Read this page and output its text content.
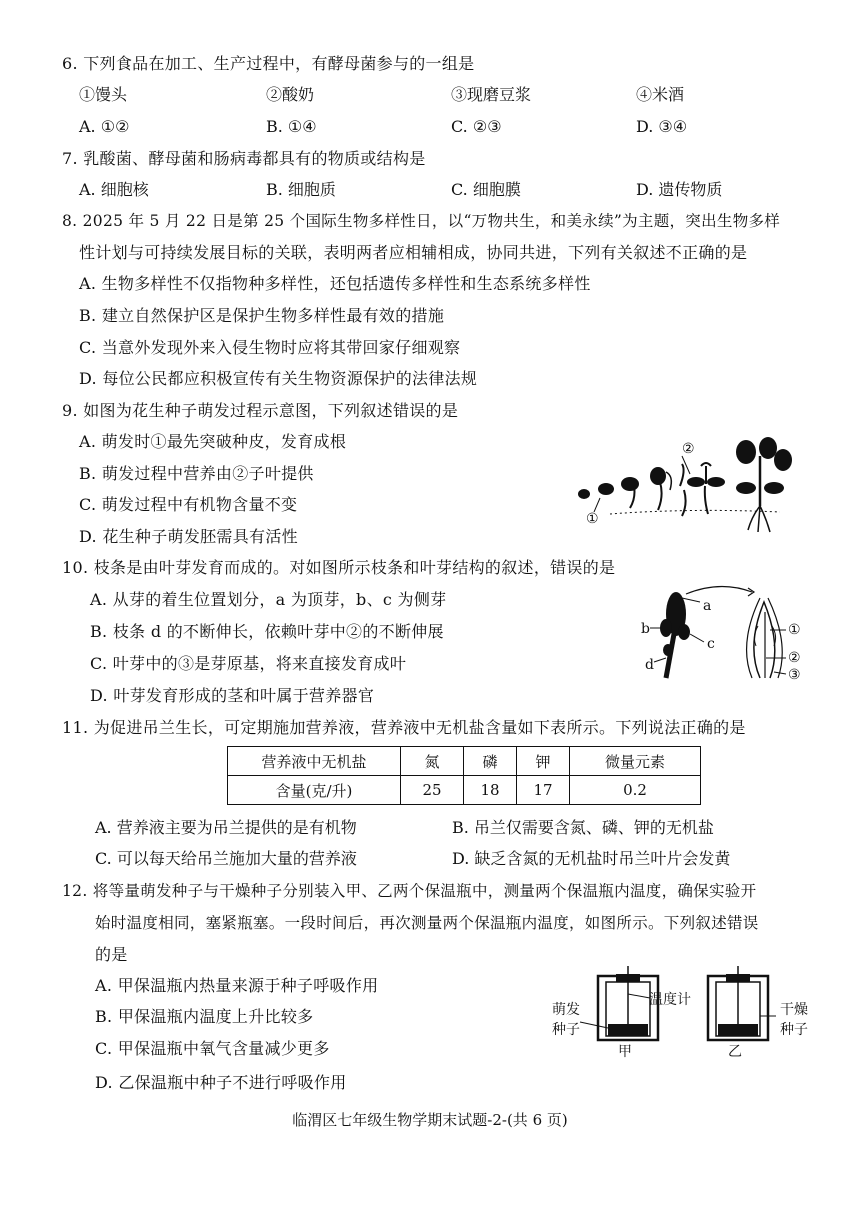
6. 下列食品在加工、生产过程中，有酵母菌参与的一组是
①馒头	②酸奶	③现磨豆浆	④米酒
A. ①②	B. ①④	C. ②③	D. ③④
7. 乳酸菌、酵母菌和肠病毒都具有的物质或结构是
A. 细胞核	B. 细胞质	C. 细胞膜	D. 遗传物质
8. 2025 年 5 月 22 日是第 25 个国际生物多样性日，以“万物共生，和美永续”为主题，突出生物多样
性计划与可持续发展目标的关联，表明两者应相辅相成，协同共进，下列有关叙述不正确的是
A. 生物多样性不仅指物种多样性，还包括遗传多样性和生态系统多样性
B. 建立自然保护区是保护生物多样性最有效的措施
C. 当意外发现外来入侵生物时应将其带回家仔细观察
D. 每位公民都应积极宣传有关生物资源保护的法律法规
9. 如图为花生种子萌发过程示意图，下列叙述错误的是
A. 萌发时①最先突破种皮，发育成根
B. 萌发过程中营养由②子叶提供
C. 萌发过程中有机物含量不变
D. 花生种子萌发胚需具有活性
②
①
10. 枝条是由叶芽发育而成的。对如图所示枝条和叶芽结构的叙述，错误的是
A. 从芽的着生位置划分，a 为顶芽，b、c 为侧芽
B. 枝条 d 的不断伸长，依赖叶芽中②的不断伸展
C. 叶芽中的③是芽原基，将来直接发育成叶
D. 叶芽发育形成的茎和叶属于营养器官
a
b
c
d
①
②
③
11. 为促进吊兰生长，可定期施加营养液，营养液中无机盐含量如下表所示。下列说法正确的是
营养液中无机盐	氮	磷	钾	微量元素
含量(克/升)	25	18	17	0.2
A. 营养液主要为吊兰提供的是有机物	B. 吊兰仅需要含氮、磷、钾的无机盐
C. 可以每天给吊兰施加大量的营养液	D. 缺乏含氮的无机盐时吊兰叶片会发黄
12. 将等量萌发种子与干燥种子分别装入甲、乙两个保温瓶中，测量两个保温瓶内温度，确保实验开
始时温度相同，塞紧瓶塞。一段时间后，再次测量两个保温瓶内温度，如图所示。下列叙述错误
的是
A. 甲保温瓶内热量来源于种子呼吸作用
B. 甲保温瓶内温度上升比较多
C. 甲保温瓶中氧气含量减少更多
D. 乙保温瓶中种子不进行呼吸作用
萌发
种子
温度计
干燥
种子
甲	乙
临渭区七年级生物学期末试题-2-(共 6 页)
